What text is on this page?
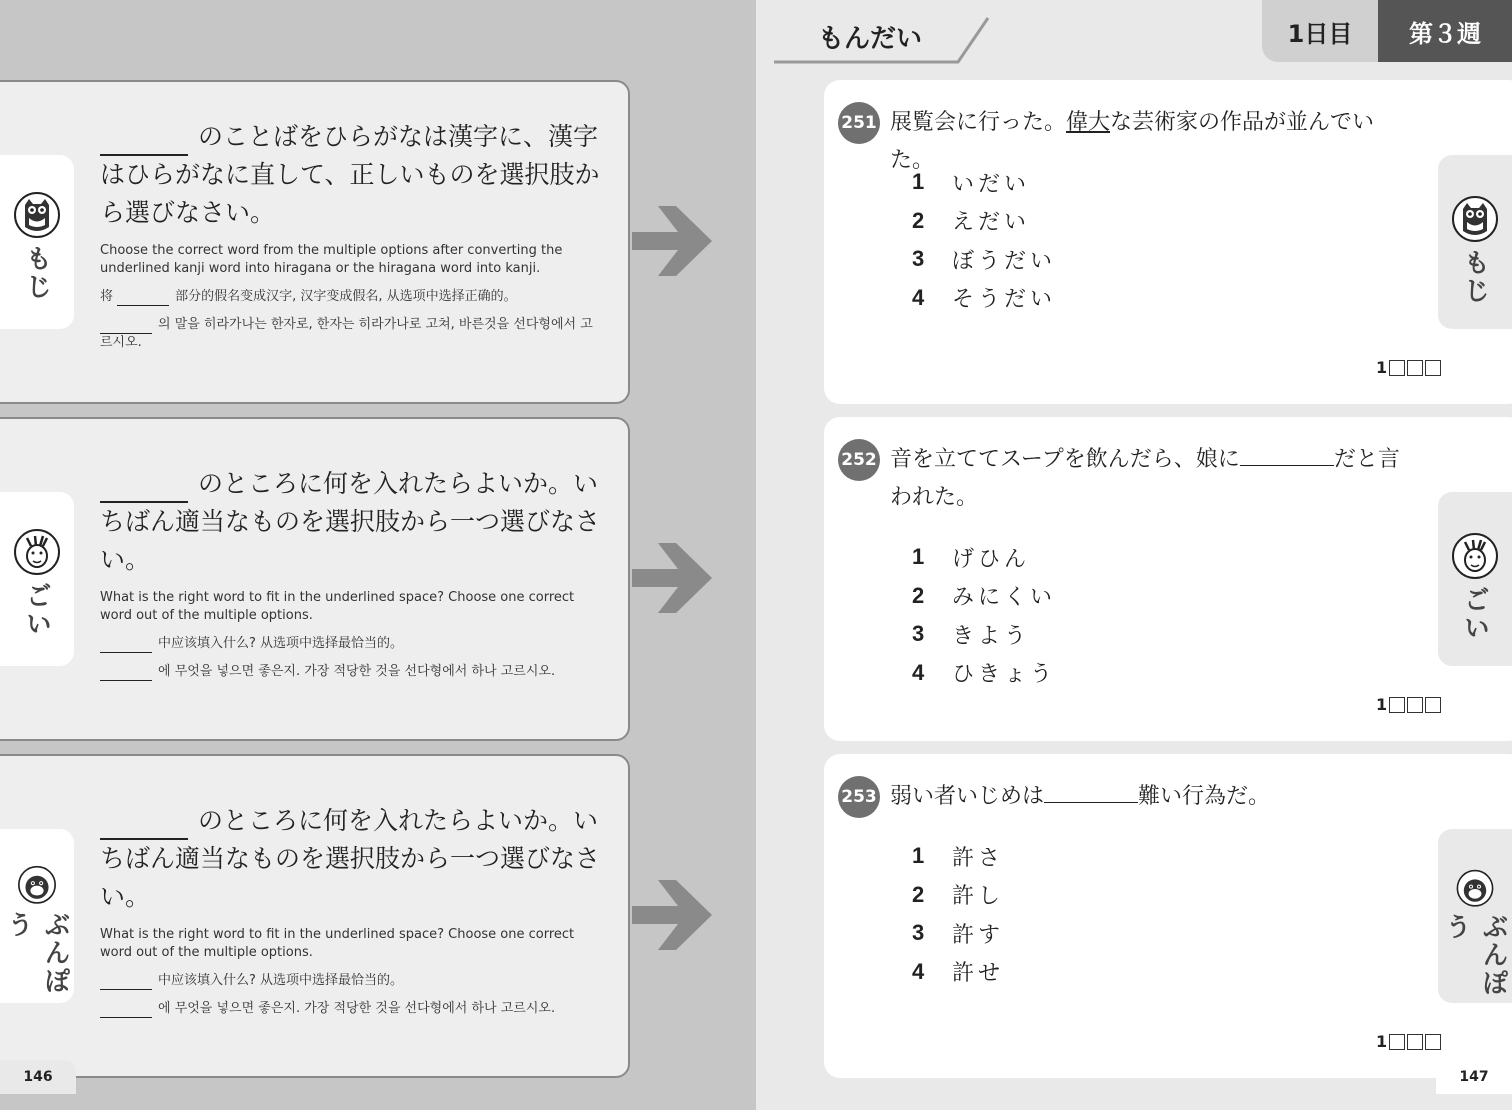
のことばをひらがなは漢字に、漢字はひらがなに直して、正しいものを選択肢から選びなさい。

Choose the correct word from the multiple options after converting the underlined kanji word into hiragana or the hiragana word into kanji.

将	部分的假名变成汉字, 汉字变成假名, 从选项中选择正确的。

의 말을 히라가나는 한자로, 한자는 히라가나로 고쳐, 바른것을 선다형에서 고르시오.

もじ

のところに何を入れたらよいか。いちばん適当なものを選択肢から一つ選びなさい。

What is the right word to fit in the underlined space? Choose one correct word out of the multiple options.

中应该填入什么? 从选项中选择最恰当的。

에 무엇을 넣으면 좋은지. 가장 적당한 것을 선다형에서 하나 고르시오.

ごい

のところに何を入れたらよいか。いちばん適当なものを選択肢から一つ選びなさい。

What is the right word to fit in the underlined space? Choose one correct word out of the multiple options.

中应该填入什么? 从选项中选择最恰当的。

에 무엇을 넣으면 좋은지. 가장 적당한 것을 선다형에서 하나 고르시오.

ぶんぽう
146
もんだい	1日目	第３週
251 展覧会に行った。偉大な芸術家の作品が並んでいた。
1	いだい
2	えだい
3	ぼうだい
4	そうだい
1
もじ
252 音を立ててスープを飲んだら、娘に	だと言われた。
1	げひん
2	みにくい
3	きよう
4	ひきょう
1
ごい
253 弱い者いじめは	難い行為だ。
1	許さ
2	許し
3	許す
4	許せ
1
ぶんぽう
147
